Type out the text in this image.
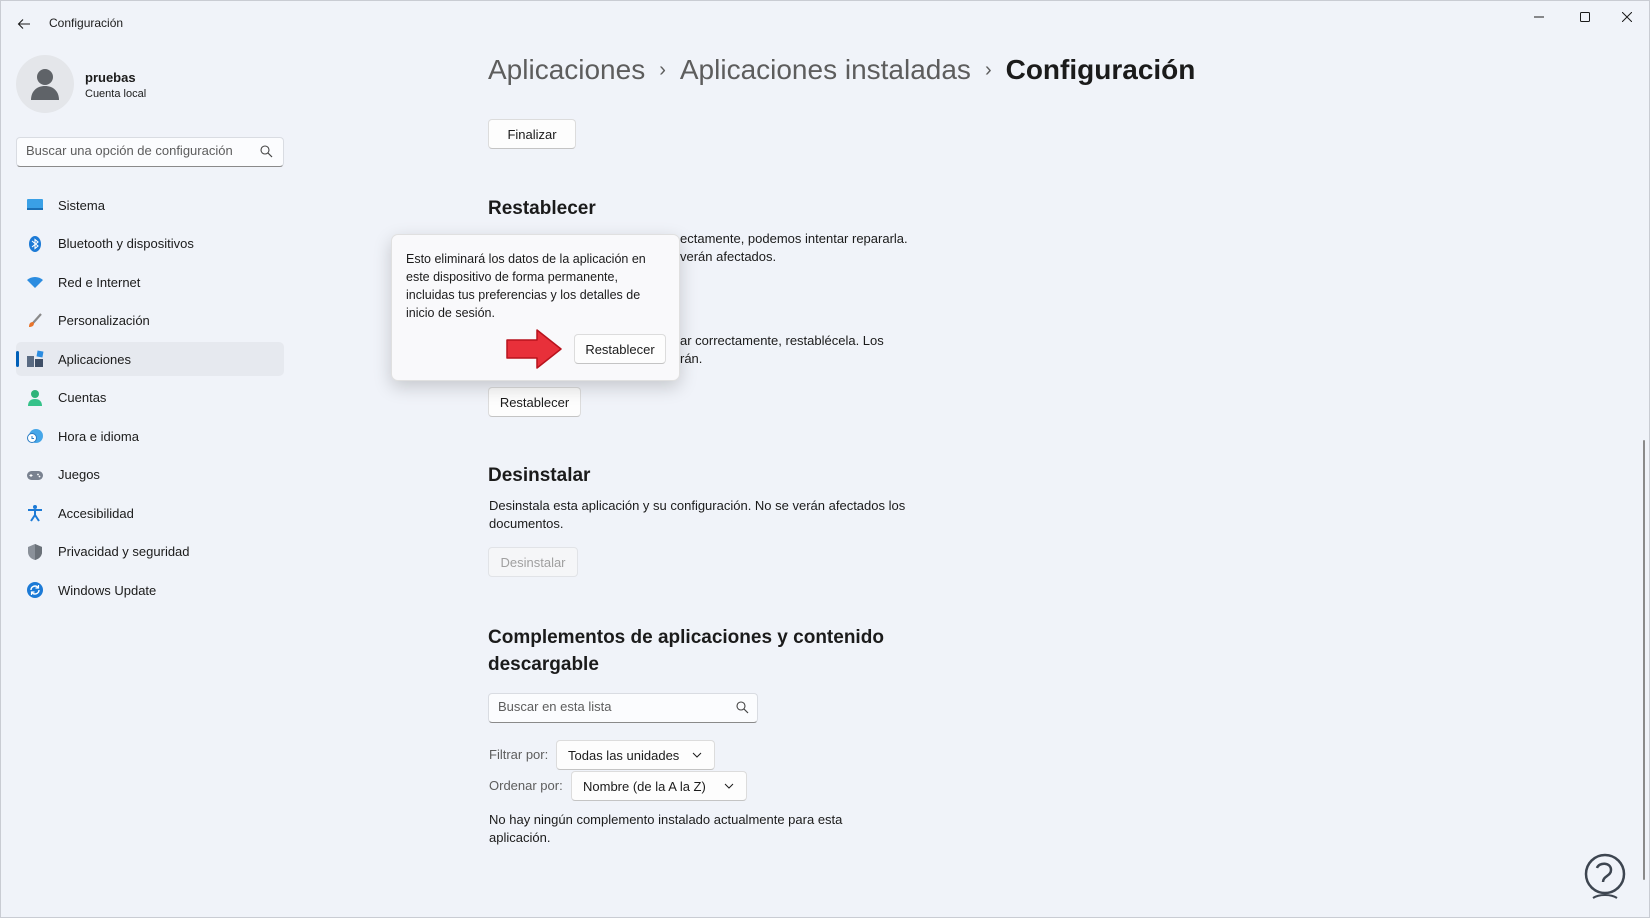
Configuración
pruebas
Cuenta local
Buscar una opción de configuración
Sistema
Bluetooth y dispositivos
Red e Internet
Personalización
Aplicaciones
Cuentas
Hora e idioma
Juegos
Accesibilidad
Privacidad y seguridad
Windows Update
Aplicaciones › Aplicaciones instaladas › Configuración
Finalizar
Restablecer
ectamente, podemos intentar repararla.
verán afectados.
ar correctamente, restablécela. Los
rán.
Restablecer
Desinstalar
Desinstala esta aplicación y su configuración. No se verán afectados los documentos.
Desinstalar
Complementos de aplicaciones y contenido descargable
Buscar en esta lista
Filtrar por: Todas las unidades
Ordenar por: Nombre (de la A la Z)
No hay ningún complemento instalado actualmente para esta aplicación.
Esto eliminará los datos de la aplicación en este dispositivo de forma permanente, incluidas tus preferencias y los detalles de inicio de sesión.
Restablecer
